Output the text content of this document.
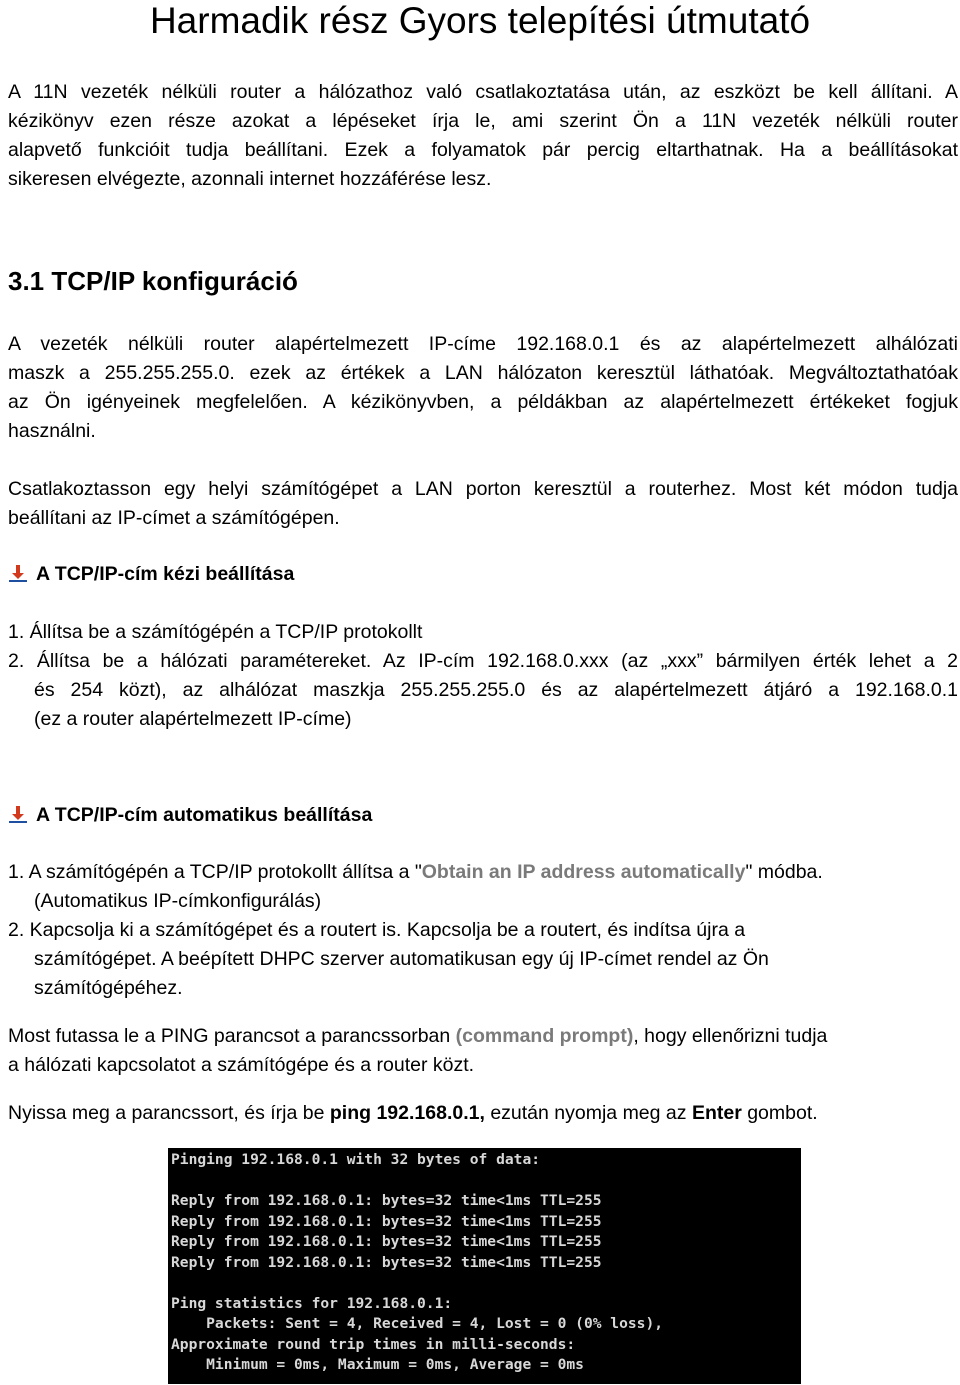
Harmadik rész Gyors telepítési útmutató
A 11N vezeték nélküli router a hálózathoz való csatlakoztatása után, az eszközt be kell állítani. A
kézikönyv ezen része azokat a lépéseket írja le, ami szerint Ön a 11N vezeték nélküli router
alapvető funkcióit tudja beállítani. Ezek a folyamatok pár percig eltarthatnak. Ha a beállításokat
sikeresen elvégezte, azonnali internet hozzáférése lesz.
3.1 TCP/IP konfiguráció
A vezeték nélküli router alapértelmezett IP-címe 192.168.0.1 és az alapértelmezett alhálózati
maszk a 255.255.255.0. ezek az értékek a LAN hálózaton keresztül láthatóak. Megváltoztathatóak
az Ön igényeinek megfelelően. A kézikönyvben, a példákban az alapértelmezett értékeket fogjuk
használni.
Csatlakoztasson egy helyi számítógépet a LAN porton keresztül a routerhez. Most két módon tudja
beállítani az IP-címet a számítógépen.
A TCP/IP-cím kézi beállítása
1. Állítsa be a számítógépén a TCP/IP protokollt
2. Állítsa be a hálózati paramétereket. Az IP-cím 192.168.0.xxx (az „xxx” bármilyen érték lehet a 2
és 254 közt), az alhálózat maszkja 255.255.255.0 és az alapértelmezett átjáró a 192.168.0.1
(ez a router alapértelmezett IP-címe)
A TCP/IP-cím automatikus beállítása
1. A számítógépén a TCP/IP protokollt állítsa a "Obtain an IP address automatically" módba.
(Automatikus IP-címkonfigurálás)
2. Kapcsolja ki a számítógépet és a routert is. Kapcsolja be a routert, és indítsa újra a
számítógépet. A beépített DHPC szerver automatikusan egy új IP-címet rendel az Ön
számítógépéhez.
Most futassa le a PING parancsot a parancssorban (command prompt), hogy ellenőrizni tudja
a hálózati kapcsolatot a számítógépe és a router közt.
Nyissa meg a parancssort, és írja be ping 192.168.0.1, ezután nyomja meg az Enter gombot.
Pinging 192.168.0.1 with 32 bytes of data:
Reply from 192.168.0.1: bytes=32 time<1ms TTL=255
Reply from 192.168.0.1: bytes=32 time<1ms TTL=255
Reply from 192.168.0.1: bytes=32 time<1ms TTL=255
Reply from 192.168.0.1: bytes=32 time<1ms TTL=255
Ping statistics for 192.168.0.1:
Packets: Sent = 4, Received = 4, Lost = 0 (0% loss),
Approximate round trip times in milli-seconds:
Minimum = 0ms, Maximum = 0ms, Average = 0ms
